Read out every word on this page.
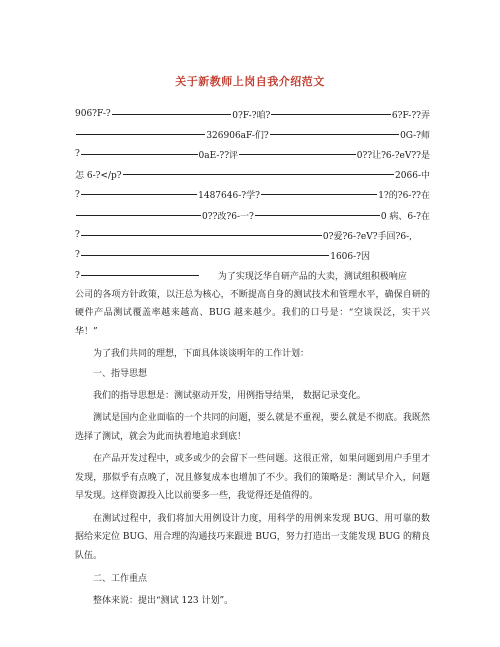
关于新教师上岗自我介绍范文
906?F-?	0?F-?咱?	6?F-??弄
326906aF-们?	0G-?师
?	0aE-??评	0??让?6-?eV??是
怎 6-?</p?	2066-中
?	1487646-?学?	1?的?6-??在
0??改?6-一?	0 病、6-?在
?	0?爱?6-?eV?手回?6-,
?	1606-?因
?	为了实现泛华自研产品的大卖，测试组积极响应

公司的各项方针政策，以汪总为核心，不断提高自身的测试技术和管理水平，确保自研的硬件产品测试覆盖率越来越高、BUG 越来越少。我们的口号是：“空谈误泛，实干兴华！”

为了我们共同的理想，下面具体谈谈明年的工作计划：

一、指导思想

我们的指导思想是：测试驱动开发，用例指导结果， 数据记录变化。

测试是国内企业面临的一个共同的问题，要么就是不重视，要么就是不彻底。我既然选择了测试，就会为此而执着地追求到底！

在产品开发过程中，或多或少的会留下一些问题。这很正常，如果问题到用户手里才发现，那似乎有点晚了，况且修复成本也增加了不少。我们的策略是：测试早介入，问题早发现。这样资源投入比以前要多一些，我觉得还是值得的。

在测试过程中，我们将加大用例设计力度，用科学的用例来发现 BUG、用可靠的数据给来定位 BUG、用合理的沟通技巧来跟进 BUG，努力打造出一支能发现 BUG 的精良队伍。

二、工作重点

整体来说：提出“测试 123 计划”。
